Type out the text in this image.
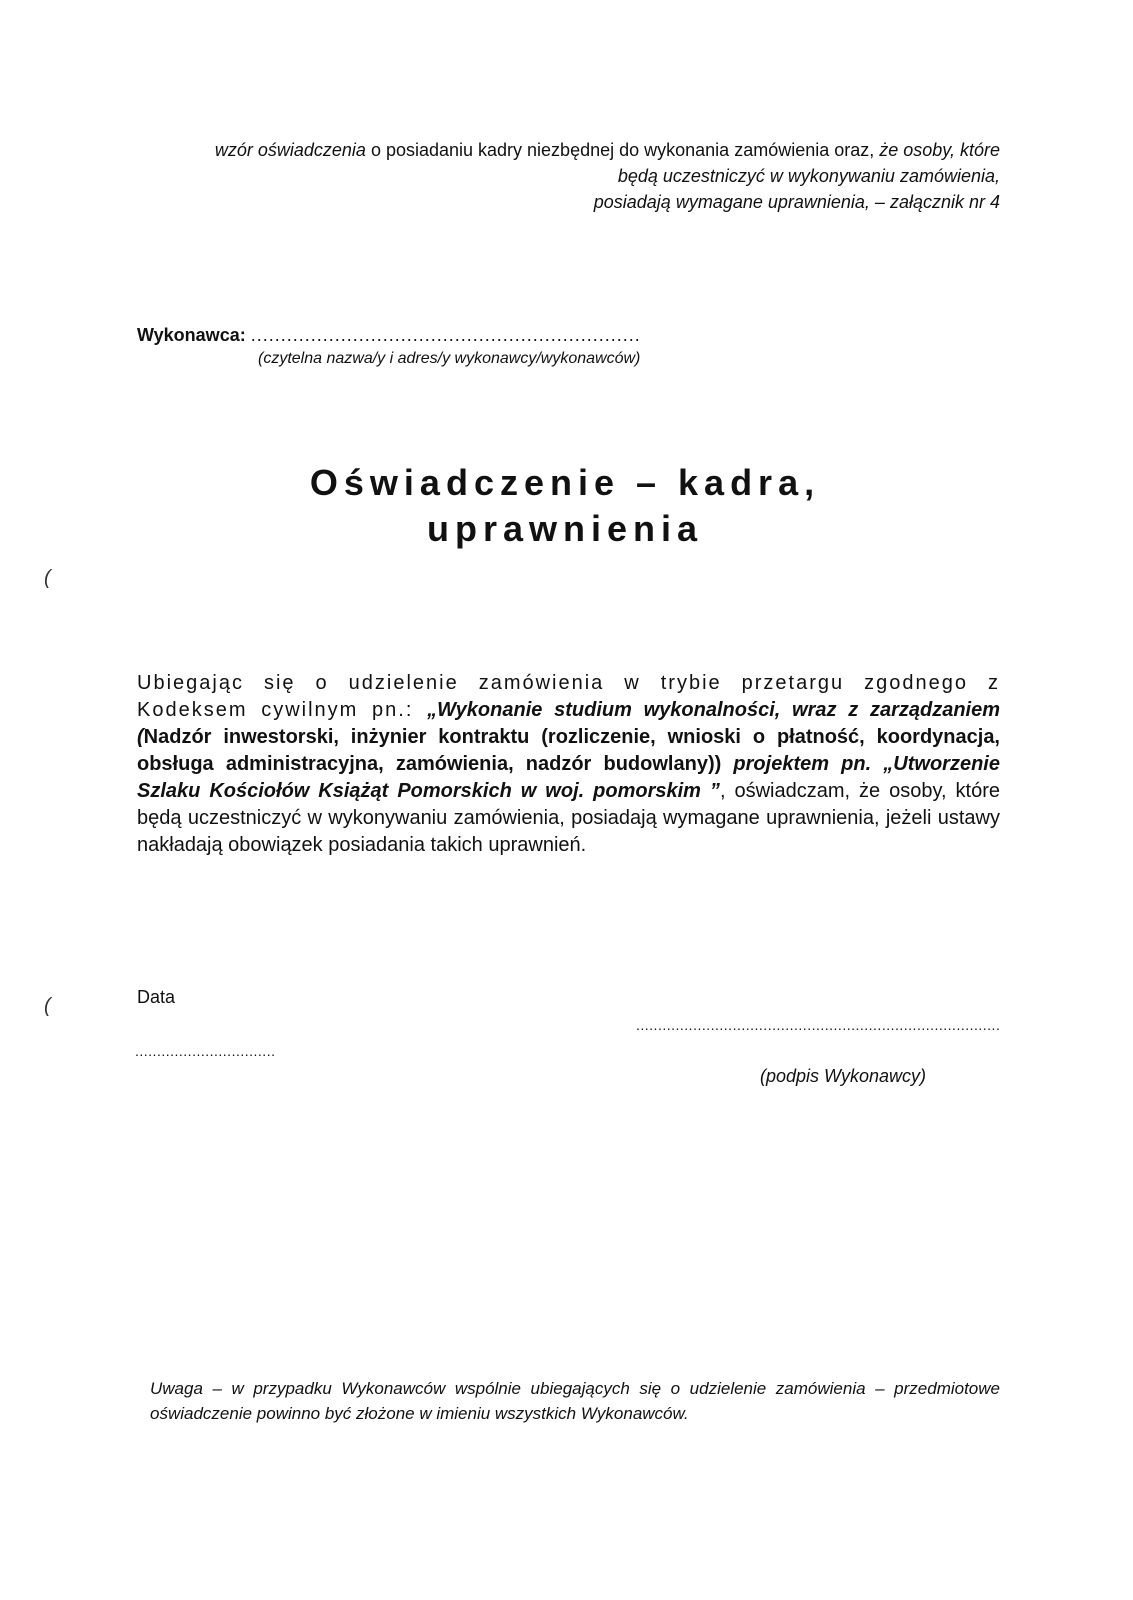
wzór oświadczenia o posiadaniu kadry niezbędnej do wykonania zamówienia oraz, że osoby, które
będą uczestniczyć w wykonywaniu zamówienia,
posiadają wymagane uprawnienia, – załącznik nr 4
Wykonawca: .................................................................
(czytelna nazwa/y i adres/y wykonawcy/wykonawców)
Oświadczenie – kadra,
uprawnienia
(
(
Ubiegając się o udzielenie zamówienia w trybie przetargu zgodnego z Kodeksem cywilnym pn.: „Wykonanie studium wykonalności, wraz z zarządzaniem (Nadzór inwestorski, inżynier kontraktu (rozliczenie, wnioski o płatność, koordynacja, obsługa administracyjna, zamówienia, nadzór budowlany)) projektem pn. „Utworzenie Szlaku Kościołów Książąt Pomorskich w woj. pomorskim ”, oświadczam, że osoby, które będą uczestniczyć w wykonywaniu zamówienia, posiadają wymagane uprawnienia, jeżeli ustawy nakładają obowiązek posiadania takich uprawnień.
Data
................................
...................................................................................
(podpis Wykonawcy)
Uwaga – w przypadku Wykonawców wspólnie ubiegających się o udzielenie zamówienia – przedmiotowe oświadczenie powinno być złożone w imieniu wszystkich Wykonawców.
